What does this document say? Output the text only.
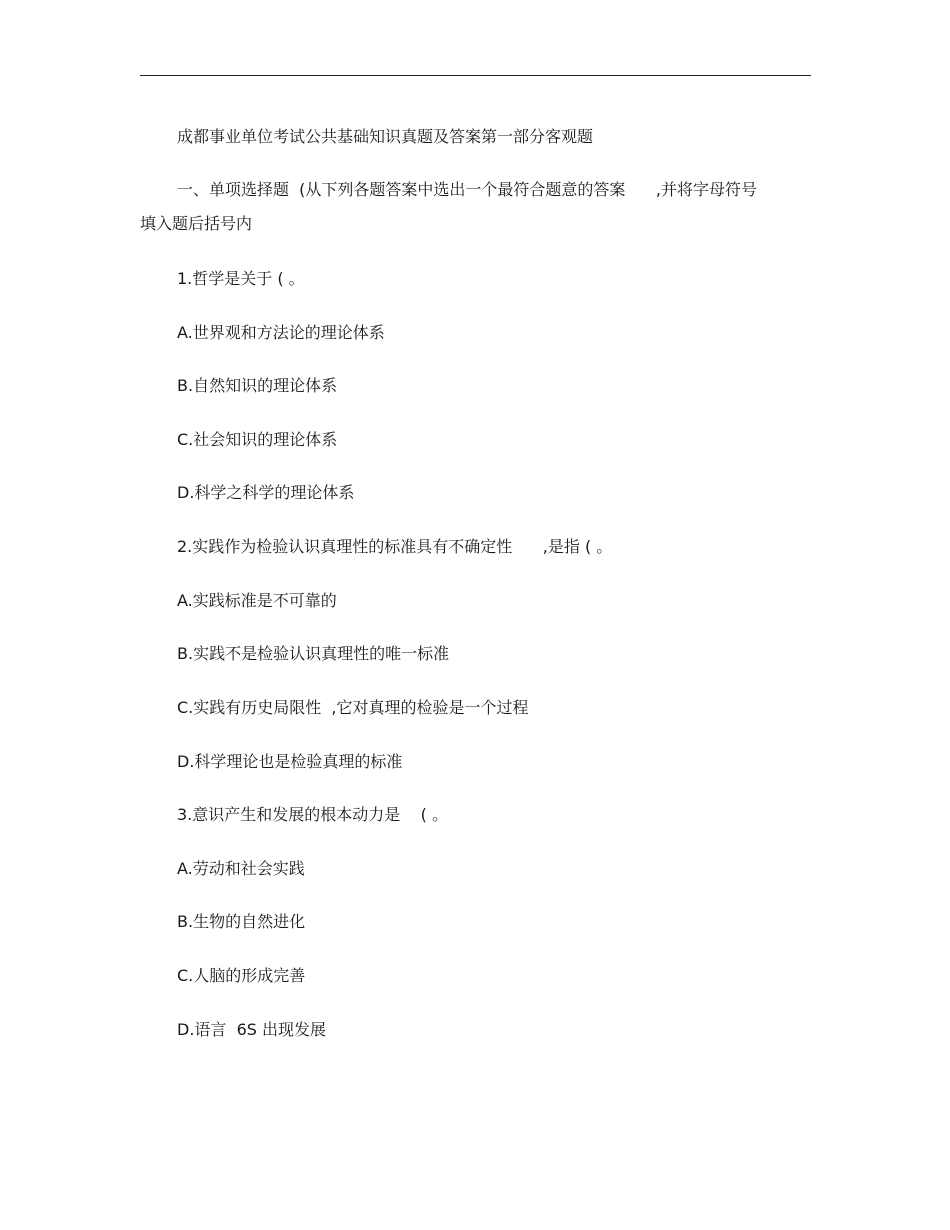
成都事业单位考试公共基础知识真题及答案第一部分客观题

一、单项选择题  (从下列各题答案中选出一个最符合题意的答案      ,并将字母符号

填入题后括号内

1.哲学是关于 ( 。

A.世界观和方法论的理论体系

B.自然知识的理论体系

C.社会知识的理论体系

D.科学之科学的理论体系

2.实践作为检验认识真理性的标准具有不确定性      ,是指 ( 。

A.实践标准是不可靠的

B.实践不是检验认识真理性的唯一标准

C.实践有历史局限性  ,它对真理的检验是一个过程

D.科学理论也是检验真理的标准

3.意识产生和发展的根本动力是    ( 。

A.劳动和社会实践

B.生物的自然进化

C.人脑的形成完善

D.语言  6S 出现发展
